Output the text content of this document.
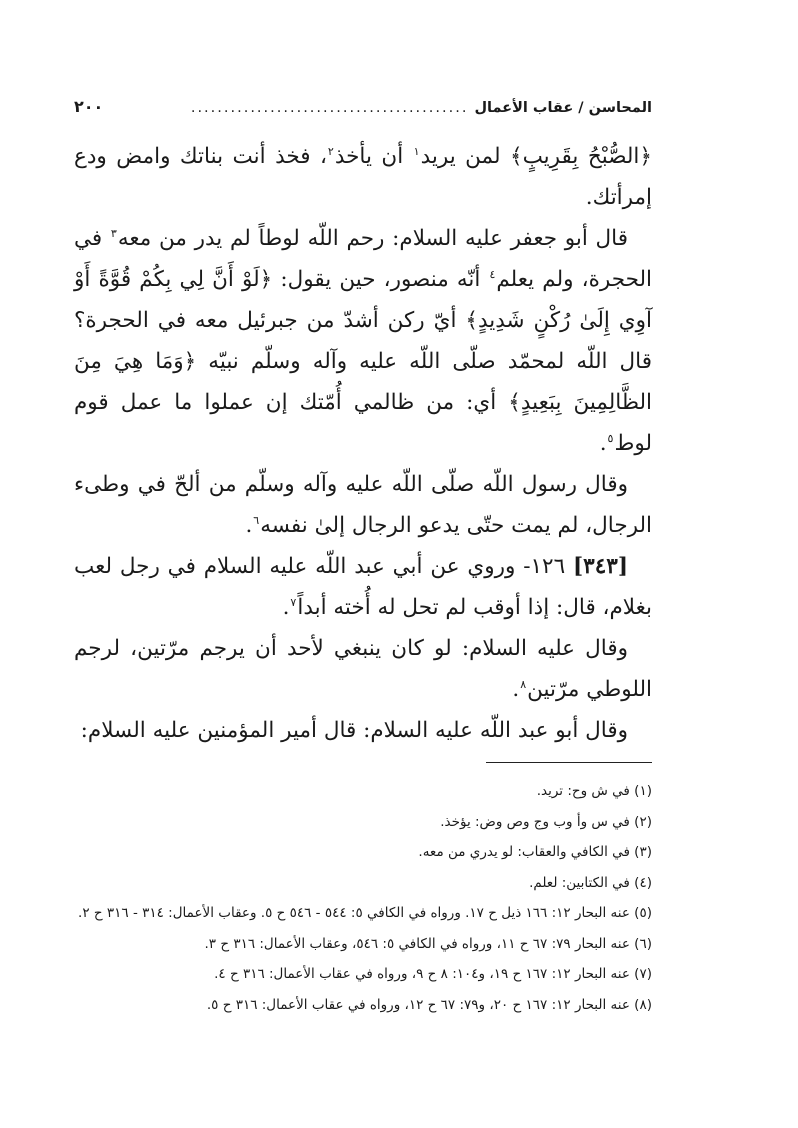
المحاسن / عقاب الأعمال
..........................................
٢٠٠

﴿الصُّبْحُ بِقَرِيبٍ﴾ لمن يريد$^١$ أن يأخذ$^٢$، فخذ أنت بناتك وامض ودع إمرأتك.

قال أبو جعفر عليه السلام: رحم اللّه لوطاً لم يدر من معه$^٣$ في الحجرة، ولم يعلم$^٤$ أنّه منصور، حين يقول: ﴿لَوْ أَنَّ لِي بِكُمْ قُوَّةً أَوْ آوِي إِلَىٰ رُكْنٍ شَدِيدٍ﴾ أيّ ركن أشدّ من جبرئيل معه في الحجرة؟ قال اللّه لمحمّد صلّى اللّه عليه وآله وسلّم نبيّه ﴿وَمَا هِيَ مِنَ الظَّالِمِينَ بِبَعِيدٍ﴾ أي: من ظالمي أُمّتك إن عملوا ما عمل قوم لوط$^٥$.

وقال رسول اللّه صلّى اللّه عليه وآله وسلّم من ألحّ في وطىء الرجال، لم يمت حتّى يدعو الرجال إلىٰ نفسه$^٦$.

[٣٤٣] ١٢٦- وروي عن أبي عبد اللّه عليه السلام في رجل لعب بغلام، قال: إذا أوقب لم تحل له أُخته أبداً$^٧$.

وقال عليه السلام: لو كان ينبغي لأحد أن يرجم مرّتين، لرجم اللوطي مرّتين$^٨$.

وقال أبو عبد اللّه عليه السلام: قال أمير المؤمنين عليه السلام:

(١) في ش وح: تريد.

(٢) في س وأ وب وج وص وض: يؤخذ.

(٣) في الكافي والعقاب: لو يدري من معه.

(٤) في الكتابين: لعلم.

(٥) عنه البحار ١٢: ١٦٦ ذيل ح ١٧. ورواه في الكافي ٥: ٥٤٤ - ٥٤٦ ح ٥. وعقاب الأعمال: ٣١٤ - ٣١٦ ح ٢.

(٦) عنه البحار ٧٩: ٦٧ ح ١١، ورواه في الكافي ٥: ٥٤٦، وعقاب الأعمال: ٣١٦ ح ٣.

(٧) عنه البحار ١٢: ١٦٧ ح ١٩، و١٠٤: ٨ ح ٩، ورواه في عقاب الأعمال: ٣١٦ ح ٤.

(٨) عنه البحار ١٢: ١٦٧ ح ٢٠، و٧٩: ٦٧ ح ١٢، ورواه في عقاب الأعمال: ٣١٦ ح ٥.
